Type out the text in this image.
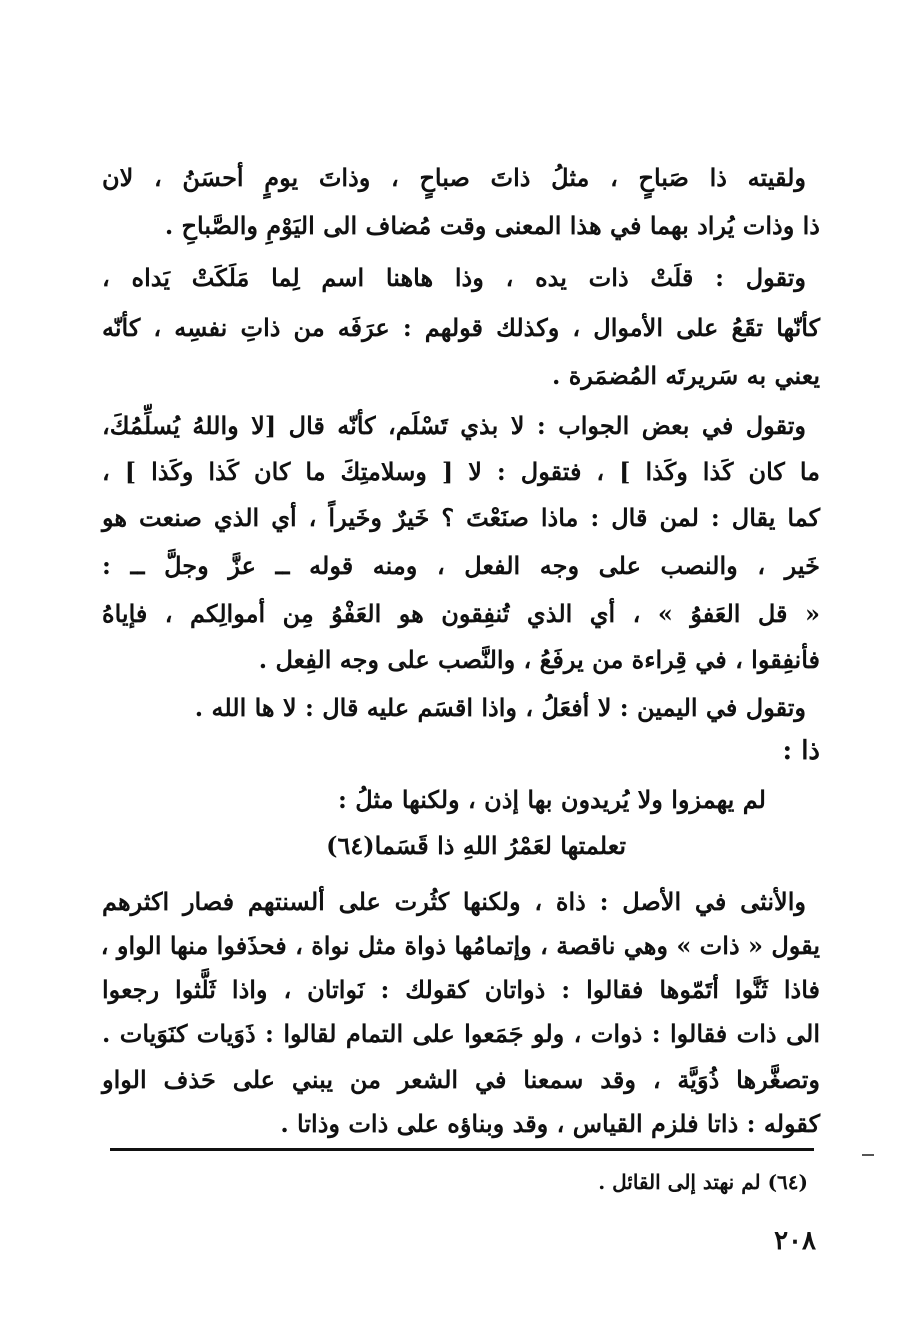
ولقيته ذا صَباحٍ ، مثلُ ذاتَ صباحٍ ، وذاتَ يومٍ أحسَنُ ، لان
ذا وذات يُراد بهما في هذا المعنى وقت مُضاف الى اليَوْمِ والصَّباحِ .
وتقول : قلَتْ ذات يده ، وذا هاهنا اسم لِما مَلَكَتْ يَداه ،
كأنّها تقَعُ على الأموال ، وكذلك قولهم : عرَفَه من ذاتِ نفسِه ، كأنّه
يعني به سَريرتَه المُضمَرة .
وتقول في بعض الجواب : لا بذي تَسْلَم، كأنّه قال [لا واللهُ يُسلِّمُكَ،
ما كان كَذا وكَذا ] ، فتقول : لا [ وسلامتِكَ ما كان كَذا وكَذا ] ،
كما يقال : لمن قال : ماذا صنَعْتَ ؟ خَيرٌ وخَيراً ، أي الذي صنعت هو
خَير ، والنصب على وجه الفعل ، ومنه قوله ــ عزَّ وجلَّ ــ :
« قل العَفوُ » ، أي الذي تُنفِقون هو العَفْوُ مِن أموالِكم ، فإياهُ
فأنفِقوا ، في قِراءة من يرفَعُ ، والنَّصب على وجه الفِعل .
وتقول في اليمين : لا أفعَلُ ، واذا اقسَم عليه قال : لا ها الله .
ذا :
لم يهمزوا ولا يُريدون بها إذن ، ولكنها مثلُ :
تعلمتها لعَمْرُ اللهِ ذا قَسَما(٦٤)
والأنثى في الأصل : ذاة ، ولكنها كثُرت على ألسنتهم فصار اكثرهم
يقول « ذات » وهي ناقصة ، وإتمامُها ذواة مثل نواة ، فحذَفوا منها الواو ،
فاذا ثَنَّوا أتَمّوها فقالوا : ذواتان كقولك : نَواتان ، واذا ثَلَّثوا رجعوا
الى ذات فقالوا : ذوات ، ولو جَمَعوا على التمام لقالوا : ذَوَيات كنَوَيات .
وتصغَّرها ذُوَيَّة ، وقد سمعنا في الشعر من يبني على حَذف الواو
كقوله : ذاتا فلزم القياس ، وقد وبناؤه على ذات وذاتا .
(٦٤) لم نهتد إلى القائل .
٢٠٨
